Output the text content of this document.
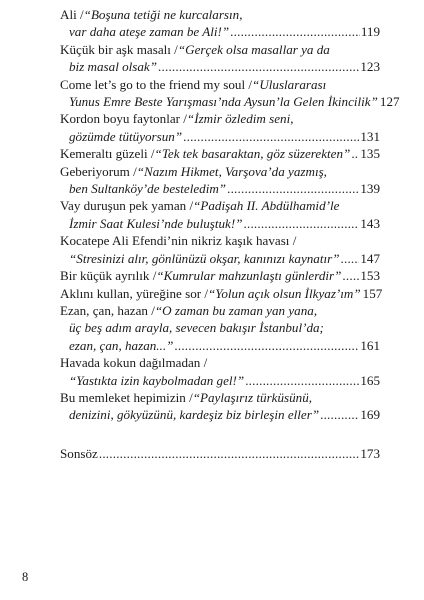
Ali / “Boşuna tetiği ne kurcalarsın,
var daha ateşe zaman be Ali!” .....	119
Küçük bir aşk masalı / “Gerçek olsa masallar ya da
biz masal olsak” .....	123
Come let’s go to the friend my soul / “Uluslararası
Yunus Emre Beste Yarışması’nda Aysun’la Gelen İkincilik” 127
Kordon boyu faytonlar / “İzmir özledim seni,
gözümde tütüyorsun” .....	131
Kemeraltı güzeli / “Tek tek basaraktan, göz süzerekten” ..... 135
Geberiyorum / “Nazım Hikmet, Varşova’da yazmış,
ben Sultanköy’de besteledim” .....	139
Vay duruşun pek yaman / “Padişah II. Abdülhamid’le
İzmir Saat Kulesi’nde buluştuk!” .....	143
Kocatepe Ali Efendi’nin nikriz kaşık havası /
“Stresinizi alır, gönlünüzü okşar, kanınızı kaynatır” ..... 147
Bir küçük ayrılık / “Kumrular mahzunlaştı günlerdir” ..... 153
Aklını kullan, yüreğine sor / “Yolun açık olsun İlkyaz’ım” 157
Ezan, çan, hazan / “O zaman bu zaman yan yana,
üç beş adım arayla, sevecen bakışır İstanbul’da;
ezan, çan, hazan...” .....	161
Havada kokun dağılmadan /
“Yastıkta izin kaybolmadan gel!” .....	165
Bu memleket hepimizin / “Paylaşırız türküsünü,
denizini, gökyüzünü, kardeşiz biz birleşin eller” .....	169
Sonsöz .....	173
8
